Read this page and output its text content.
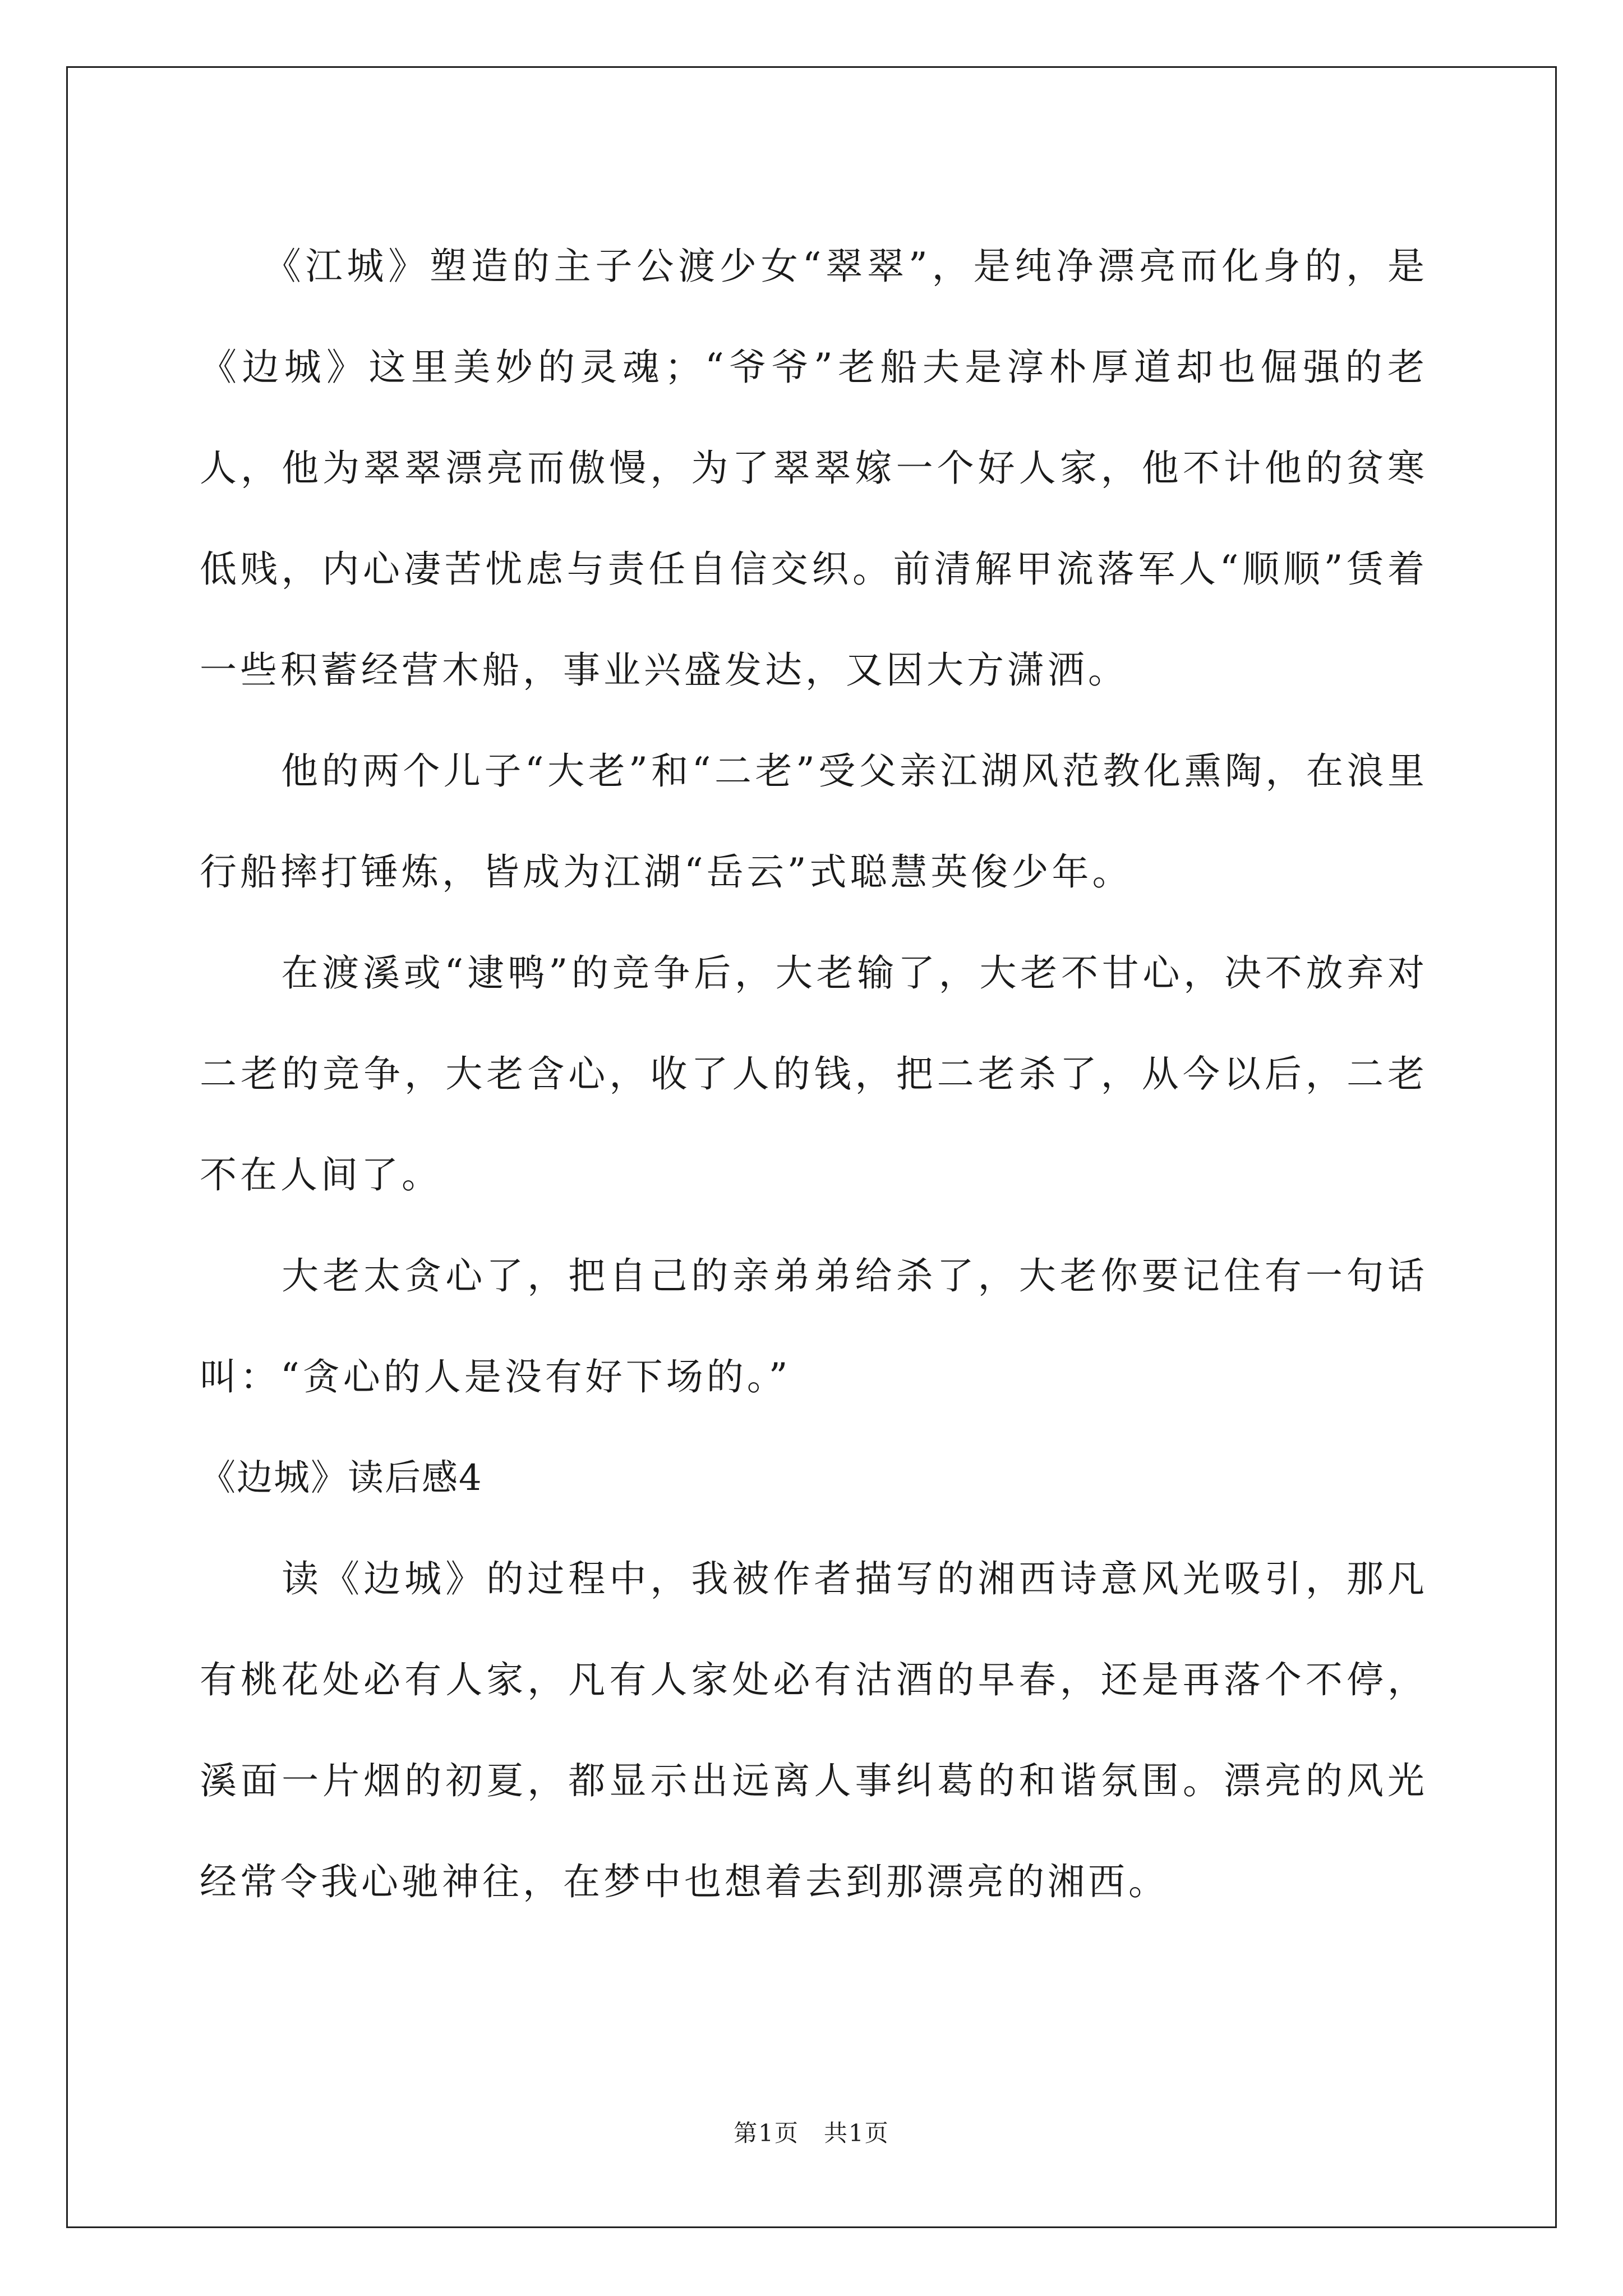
　　《江城》塑造的主子公渡少女“翠翠”，是纯净漂亮而化身的，是《边城》这里美妙的灵魂；“爷爷”老船夫是淳朴厚道却也倔强的老人，他为翠翠漂亮而傲慢，为了翠翠嫁一个好人家，他不计他的贫寒低贱，内心凄苦忧虑与责任自信交织。前清解甲流落军人“顺顺”赁着一些积蓄经营木船，事业兴盛发达，又因大方潇洒。

　　他的两个儿子“大老”和“二老”受父亲江湖风范教化熏陶，在浪里行船摔打锤炼，皆成为江湖“岳云”式聪慧英俊少年。

　　在渡溪或“逮鸭”的竞争后，大老输了，大老不甘心，决不放弃对二老的竞争，大老含心，收了人的钱，把二老杀了，从今以后，二老不在人间了。

　　大老太贪心了，把自己的亲弟弟给杀了，大老你要记住有一句话叫：“贪心的人是没有好下场的。”

《边城》读后感4

　　读《边城》的过程中，我被作者描写的湘西诗意风光吸引，那凡有桃花处必有人家，凡有人家处必有沽酒的早春，还是再落个不停，溪面一片烟的初夏，都显示出远离人事纠葛的和谐氛围。漂亮的风光经常令我心驰神往，在梦中也想着去到那漂亮的湘西。

第1页　共1页
